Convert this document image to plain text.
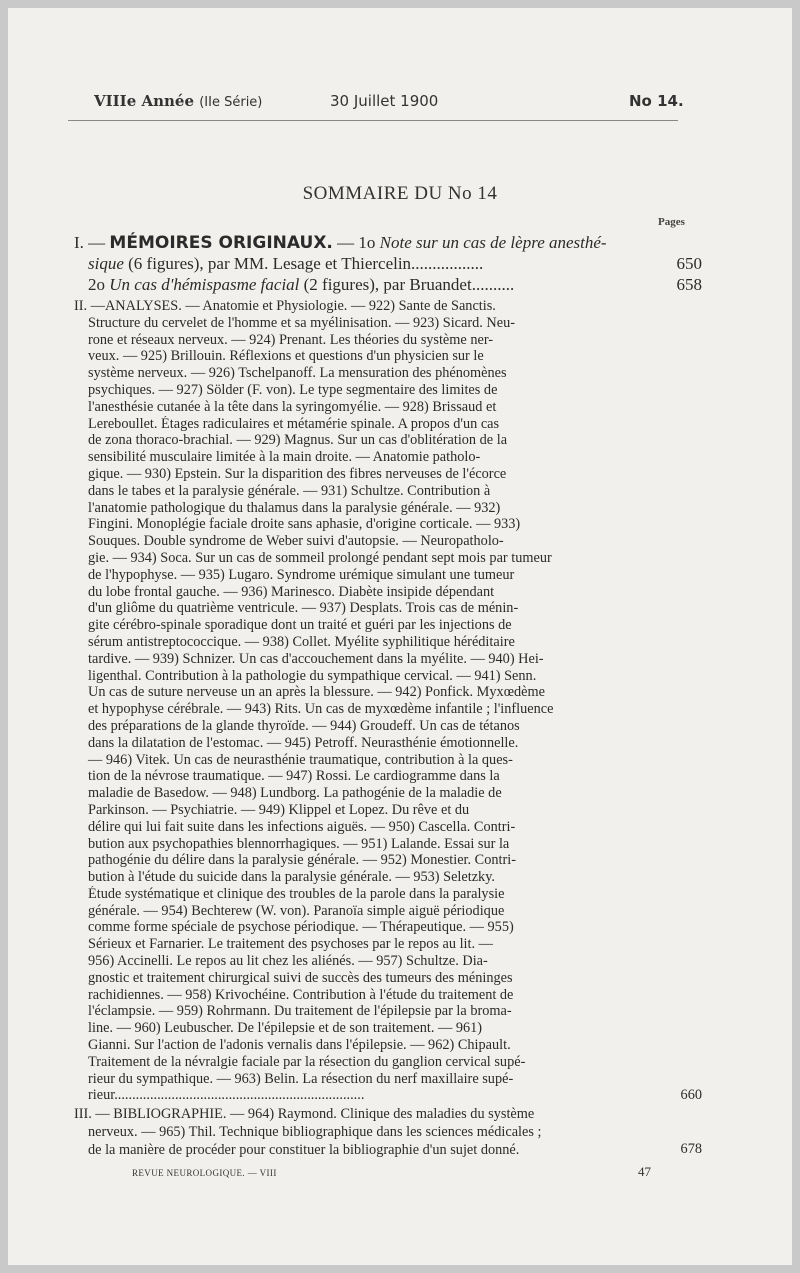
VIIIe Année (IIe Série)	30 Juillet 1900	No 14.
SOMMAIRE DU No 14
Pages
I. — MÉMOIRES ORIGINAUX. — 1o Note sur un cas de lèpre anesthé-
sique (6 figures), par MM. Lesage et Thiercelin.................	650
2o Un cas d'hémispasme facial (2 figures), par Bruandet..........	658
II. —ANALYSES. — Anatomie et Physiologie. — 922) Sante de Sanctis.
Structure du cervelet de l'homme et sa myélinisation. — 923) Sicard. Neu-
rone et réseaux nerveux. — 924) Prenant. Les théories du système ner-
veux. — 925) Brillouin. Réflexions et questions d'un physicien sur le
système nerveux. — 926) Tschelpanoff. La mensuration des phénomènes
psychiques. — 927) Sölder (F. von). Le type segmentaire des limites de
l'anesthésie cutanée à la tête dans la syringomyélie. — 928) Brissaud et
Lereboullet. Étages radiculaires et métamérie spinale. A propos d'un cas
de zona thoraco-brachial. — 929) Magnus. Sur un cas d'oblitération de la
sensibilité musculaire limitée à la main droite. — Anatomie patholo-
gique. — 930) Epstein. Sur la disparition des fibres nerveuses de l'écorce
dans le tabes et la paralysie générale. — 931) Schultze. Contribution à
l'anatomie pathologique du thalamus dans la paralysie générale. — 932)
Fingini. Monoplégie faciale droite sans aphasie, d'origine corticale. — 933)
Souques. Double syndrome de Weber suivi d'autopsie. — Neuropatholo-
gie. — 934) Soca. Sur un cas de sommeil prolongé pendant sept mois par tumeur
de l'hypophyse. — 935) Lugaro. Syndrome urémique simulant une tumeur
du lobe frontal gauche. — 936) Marinesco. Diabète insipide dépendant
d'un gliôme du quatrième ventricule. — 937) Desplats. Trois cas de ménin-
gite cérébro-spinale sporadique dont un traité et guéri par les injections de
sérum antistreptococcique. — 938) Collet. Myélite syphilitique héréditaire
tardive. — 939) Schnizer. Un cas d'accouchement dans la myélite. — 940) Hei-
ligenthal. Contribution à la pathologie du sympathique cervical. — 941) Senn.
Un cas de suture nerveuse un an après la blessure. — 942) Ponfick. Myxœdème
et hypophyse cérébrale. — 943) Rits. Un cas de myxœdème infantile ; l'influence
des préparations de la glande thyroïde. — 944) Groudeff. Un cas de tétanos
dans la dilatation de l'estomac. — 945) Petroff. Neurasthénie émotionnelle.
— 946) Vitek. Un cas de neurasthénie traumatique, contribution à la ques-
tion de la névrose traumatique. — 947) Rossi. Le cardiogramme dans la
maladie de Basedow. — 948) Lundborg. La pathogénie de la maladie de
Parkinson. — Psychiatrie. — 949) Klippel et Lopez. Du rêve et du
délire qui lui fait suite dans les infections aiguës. — 950) Cascella. Contri-
bution aux psychopathies blennorrhagiques. — 951) Lalande. Essai sur la
pathogénie du délire dans la paralysie générale. — 952) Monestier. Contri-
bution à l'étude du suicide dans la paralysie générale. — 953) Seletzky.
Étude systématique et clinique des troubles de la parole dans la paralysie
générale. — 954) Bechterew (W. von). Paranoïa simple aiguë périodique
comme forme spéciale de psychose périodique. — Thérapeutique. — 955)
Sérieux et Farnarier. Le traitement des psychoses par le repos au lit. —
956) Accinelli. Le repos au lit chez les aliénés. — 957) Schultze. Dia-
gnostic et traitement chirurgical suivi de succès des tumeurs des méninges
rachidiennes. — 958) Krivochéine. Contribution à l'étude du traitement de
l'éclampsie. — 959) Rohrmann. Du traitement de l'épilepsie par la broma-
line. — 960) Leubuscher. De l'épilepsie et de son traitement. — 961)
Gianni. Sur l'action de l'adonis vernalis dans l'épilepsie. — 962) Chipault.
Traitement de la névralgie faciale par la résection du ganglion cervical supé-
rieur du sympathique. — 963) Belin. La résection du nerf maxillaire supé-
rieur......................................................................	660
III. — BIBLIOGRAPHIE. — 964) Raymond. Clinique des maladies du système
nerveux. — 965) Thil. Technique bibliographique dans les sciences médicales ;
de la manière de procéder pour constituer la bibliographie d'un sujet donné.	678
REVUE NEUROLOGIQUE. — VIII	47
